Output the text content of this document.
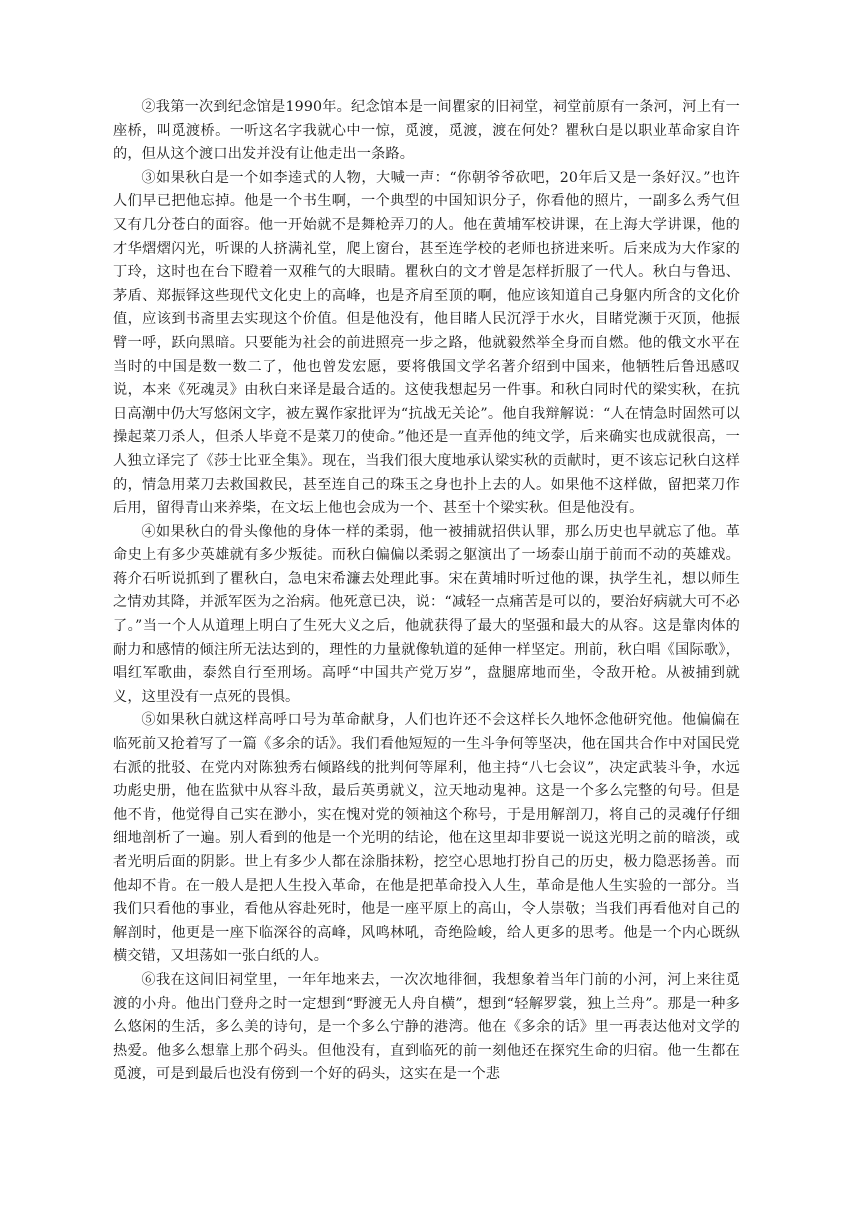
②我第一次到纪念馆是1990年。纪念馆本是一间瞿家的旧祠堂，祠堂前原有一条河，河上有一座桥，叫觅渡桥。一听这名字我就心中一惊，觅渡，觅渡，渡在何处？瞿秋白是以职业革命家自许的，但从这个渡口出发并没有让他走出一条路。

③如果秋白是一个如李逵式的人物，大喊一声：“你朝爷爷砍吧，20年后又是一条好汉。”也许人们早已把他忘掉。他是一个书生啊，一个典型的中国知识分子，你看他的照片，一副多么秀气但又有几分苍白的面容。他一开始就不是舞枪弄刀的人。他在黄埔军校讲课，在上海大学讲课，他的才华熠熠闪光，听课的人挤满礼堂，爬上窗台，甚至连学校的老师也挤进来听。后来成为大作家的丁玲，这时也在台下瞪着一双稚气的大眼睛。瞿秋白的文才曾是怎样折服了一代人。秋白与鲁迅、茅盾、郑振铎这些现代文化史上的高峰，也是齐肩至顶的啊，他应该知道自己身躯内所含的文化价值，应该到书斋里去实现这个价值。但是他没有，他目睹人民沉浮于水火，目睹党濒于灭顶，他振臂一呼，跃向黑暗。只要能为社会的前进照亮一步之路，他就毅然举全身而自燃。他的俄文水平在当时的中国是数一数二了，他也曾发宏愿，要将俄国文学名著介绍到中国来，他牺牲后鲁迅感叹说，本来《死魂灵》由秋白来译是最合适的。这使我想起另一件事。和秋白同时代的梁实秋，在抗日高潮中仍大写悠闲文字，被左翼作家批评为“抗战无关论”。他自我辩解说：“人在情急时固然可以操起菜刀杀人，但杀人毕竟不是菜刀的使命。”他还是一直弄他的纯文学，后来确实也成就很高，一人独立译完了《莎士比亚全集》。现在，当我们很大度地承认梁实秋的贡献时，更不该忘记秋白这样的，情急用菜刀去救国救民，甚至连自己的珠玉之身也扑上去的人。如果他不这样做，留把菜刀作后用，留得青山来养柴，在文坛上他也会成为一个、甚至十个梁实秋。但是他没有。

④如果秋白的骨头像他的身体一样的柔弱，他一被捕就招供认罪，那么历史也早就忘了他。革命史上有多少英雄就有多少叛徒。而秋白偏偏以柔弱之躯演出了一场泰山崩于前而不动的英雄戏。蒋介石听说抓到了瞿秋白，急电宋希濂去处理此事。宋在黄埔时听过他的课，执学生礼，想以师生之情劝其降，并派军医为之治病。他死意已决，说：“减轻一点痛苦是可以的，要治好病就大可不必了。”当一个人从道理上明白了生死大义之后，他就获得了最大的坚强和最大的从容。这是靠肉体的耐力和感情的倾注所无法达到的，理性的力量就像轨道的延伸一样坚定。刑前，秋白唱《国际歌》，唱红军歌曲，泰然自行至刑场。高呼“中国共产党万岁”，盘腿席地而坐，令敌开枪。从被捕到就义，这里没有一点死的畏惧。

⑤如果秋白就这样高呼口号为革命献身，人们也许还不会这样长久地怀念他研究他。他偏偏在临死前又抢着写了一篇《多余的话》。我们看他短短的一生斗争何等坚决，他在国共合作中对国民党右派的批驳、在党内对陈独秀右倾路线的批判何等犀利，他主持“八七会议”，决定武装斗争，水远功彪史册，他在监狱中从容斗敌，最后英勇就义，泣天地动鬼神。这是一个多么完整的句号。但是他不肯，他觉得自己实在渺小，实在愧对党的领袖这个称号，于是用解剖刀，将自己的灵魂仔仔细细地剖析了一遍。别人看到的他是一个光明的结论，他在这里却非要说一说这光明之前的暗淡，或者光明后面的阴影。世上有多少人都在涂脂抹粉，挖空心思地打扮自己的历史，极力隐恶扬善。而他却不肯。在一般人是把人生投入革命，在他是把革命投入人生，革命是他人生实验的一部分。当我们只看他的事业，看他从容赴死时，他是一座平原上的高山，令人崇敬；当我们再看他对自己的解剖时，他更是一座下临深谷的高峰，风鸣林吼，奇绝险峻，给人更多的思考。他是一个内心既纵横交错，又坦荡如一张白纸的人。

⑥我在这间旧祠堂里，一年年地来去，一次次地徘徊，我想象着当年门前的小河，河上来往觅渡的小舟。他出门登舟之时一定想到“野渡无人舟自横”，想到“轻解罗裳，独上兰舟”。那是一种多么悠闲的生活，多么美的诗句，是一个多么宁静的港湾。他在《多余的话》里一再表达他对文学的热爱。他多么想靠上那个码头。但他没有，直到临死的前一刻他还在探究生命的归宿。他一生都在觅渡，可是到最后也没有傍到一个好的码头，这实在是一个悲
